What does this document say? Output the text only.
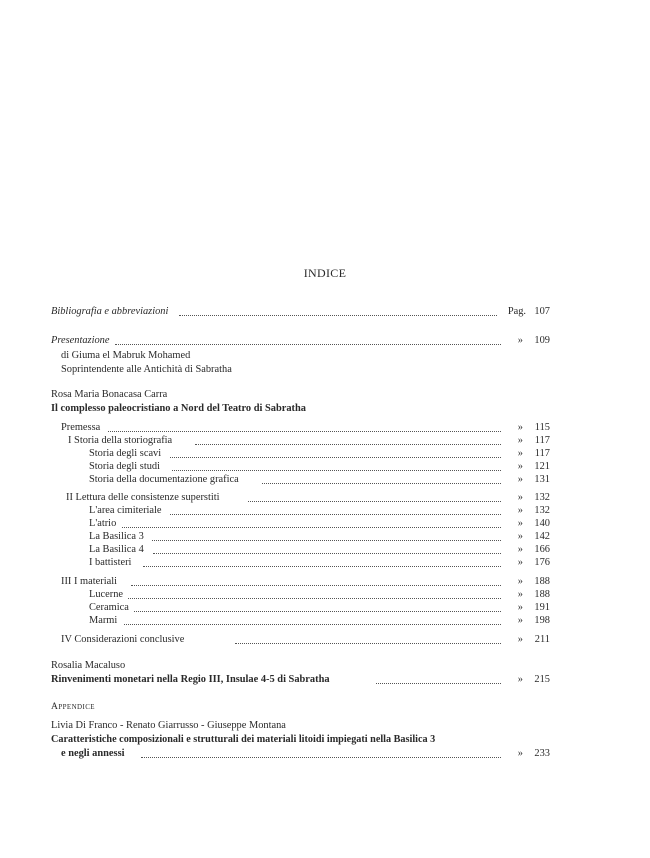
INDICE
Bibliografia e abbreviazioni	Pag. 107
Presentazione	»	109
di Giuma el Mabruk Mohamed
Soprintendente alle Antichità di Sabratha
Rosa Maria Bonacasa Carra
Il complesso paleocristiano a Nord del Teatro di Sabratha
Premessa	»	115
I Storia della storiografia	»	117
Storia degli scavi	»	117
Storia degli studi	»	121
Storia della documentazione grafica	»	131
II Lettura delle consistenze superstiti	»	132
L'area cimiteriale	»	132
L'atrio	»	140
La Basilica 3	»	142
La Basilica 4	»	166
I battisteri	»	176
III I materiali	»	188
Lucerne	»	188
Ceramica	»	191
Marmi	»	198
IV Considerazioni conclusive	»	211
Rosalia Macaluso
Rinvenimenti monetari nella Regio III, Insulae 4-5 di Sabratha	»	215
Appendice
Livia Di Franco - Renato Giarrusso - Giuseppe Montana
Caratteristiche composizionali e strutturali dei materiali litoidi impiegati nella Basilica 3
e negli annessi	»	233
